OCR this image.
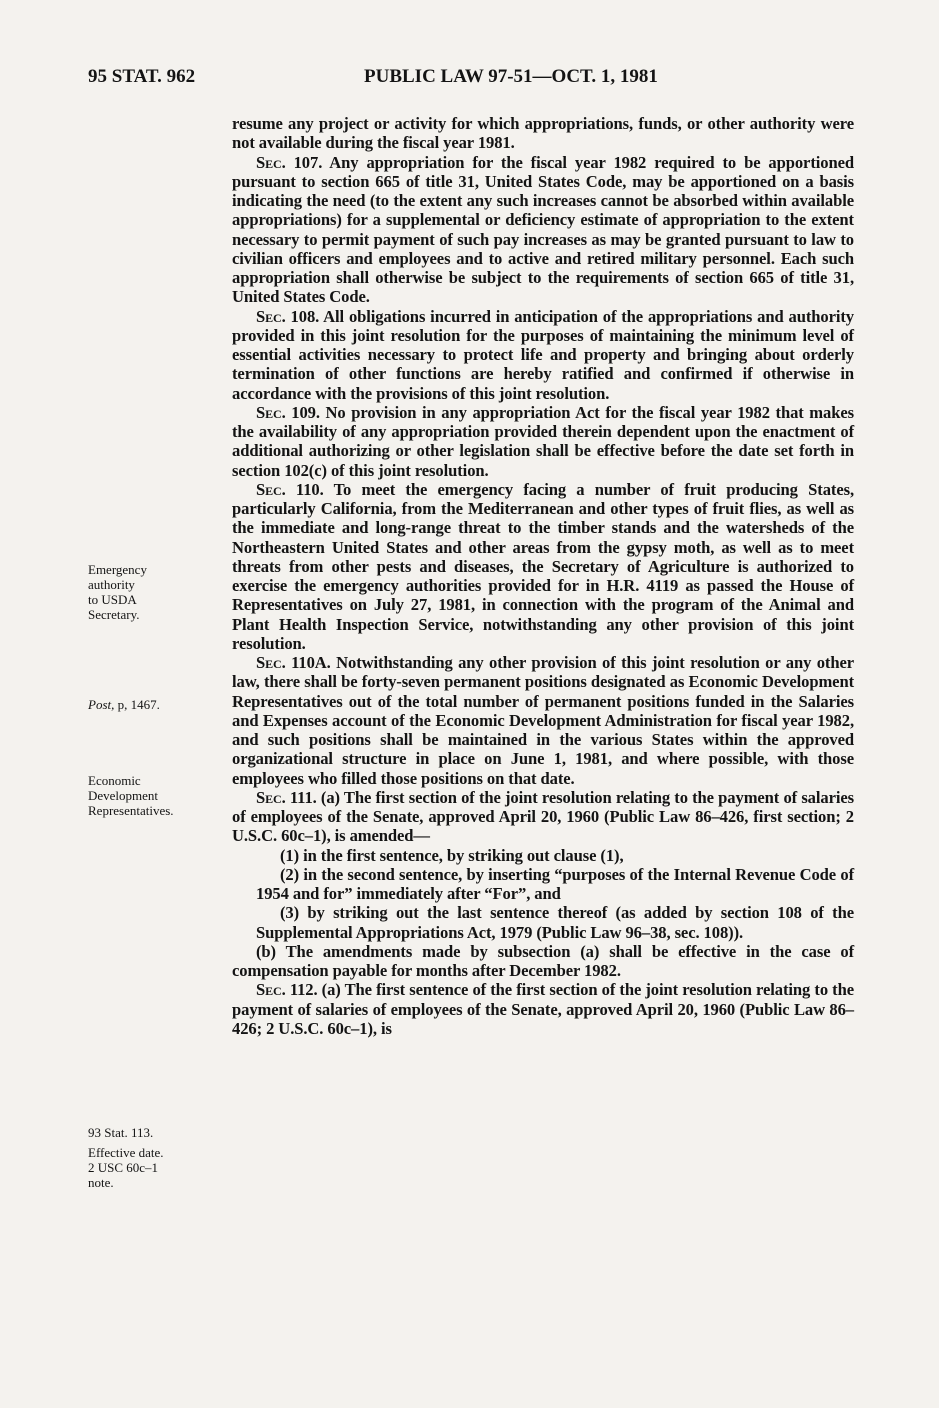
95 STAT. 962	PUBLIC LAW 97-51—OCT. 1, 1981
Emergency
authority
to USDA
Secretary.
Post, p, 1467.
Economic
Development
Representatives.
93 Stat. 113.
Effective date.
2 USC 60c–1
note.

resume any project or activity for which appropriations, funds, or other authority were not available during the fiscal year 1981.

Sec. 107. Any appropriation for the fiscal year 1982 required to be apportioned pursuant to section 665 of title 31, United States Code, may be apportioned on a basis indicating the need (to the extent any such increases cannot be absorbed within available appropriations) for a supplemental or deficiency estimate of appropriation to the extent necessary to permit payment of such pay increases as may be granted pursuant to law to civilian officers and employees and to active and retired military personnel. Each such appropriation shall otherwise be subject to the requirements of section 665 of title 31, United States Code.

Sec. 108. All obligations incurred in anticipation of the appropriations and authority provided in this joint resolution for the purposes of maintaining the minimum level of essential activities necessary to protect life and property and bringing about orderly termination of other functions are hereby ratified and confirmed if otherwise in accordance with the provisions of this joint resolution.

Sec. 109. No provision in any appropriation Act for the fiscal year 1982 that makes the availability of any appropriation provided therein dependent upon the enactment of additional authorizing or other legislation shall be effective before the date set forth in section 102(c) of this joint resolution.

Sec. 110. To meet the emergency facing a number of fruit producing States, particularly California, from the Mediterranean and other types of fruit flies, as well as the immediate and long-range threat to the timber stands and the watersheds of the Northeastern United States and other areas from the gypsy moth, as well as to meet threats from other pests and diseases, the Secretary of Agriculture is authorized to exercise the emergency authorities provided for in H.R. 4119 as passed the House of Representatives on July 27, 1981, in connection with the program of the Animal and Plant Health Inspection Service, notwithstanding any other provision of this joint resolution.

Sec. 110A. Notwithstanding any other provision of this joint resolution or any other law, there shall be forty-seven permanent positions designated as Economic Development Representatives out of the total number of permanent positions funded in the Salaries and Expenses account of the Economic Development Administration for fiscal year 1982, and such positions shall be maintained in the various States within the approved organizational structure in place on June 1, 1981, and where possible, with those employees who filled those positions on that date.

Sec. 111. (a) The first section of the joint resolution relating to the payment of salaries of employees of the Senate, approved April 20, 1960 (Public Law 86–426, first section; 2 U.S.C. 60c–1), is amended—

(1) in the first sentence, by striking out clause (1),

(2) in the second sentence, by inserting “purposes of the Internal Revenue Code of 1954 and for” immediately after “For”, and

(3) by striking out the last sentence thereof (as added by section 108 of the Supplemental Appropriations Act, 1979 (Public Law 96–38, sec. 108)).

(b) The amendments made by subsection (a) shall be effective in the case of compensation payable for months after December 1982.

Sec. 112. (a) The first sentence of the first section of the joint resolution relating to the payment of salaries of employees of the Senate, approved April 20, 1960 (Public Law 86–426; 2 U.S.C. 60c–1), is
